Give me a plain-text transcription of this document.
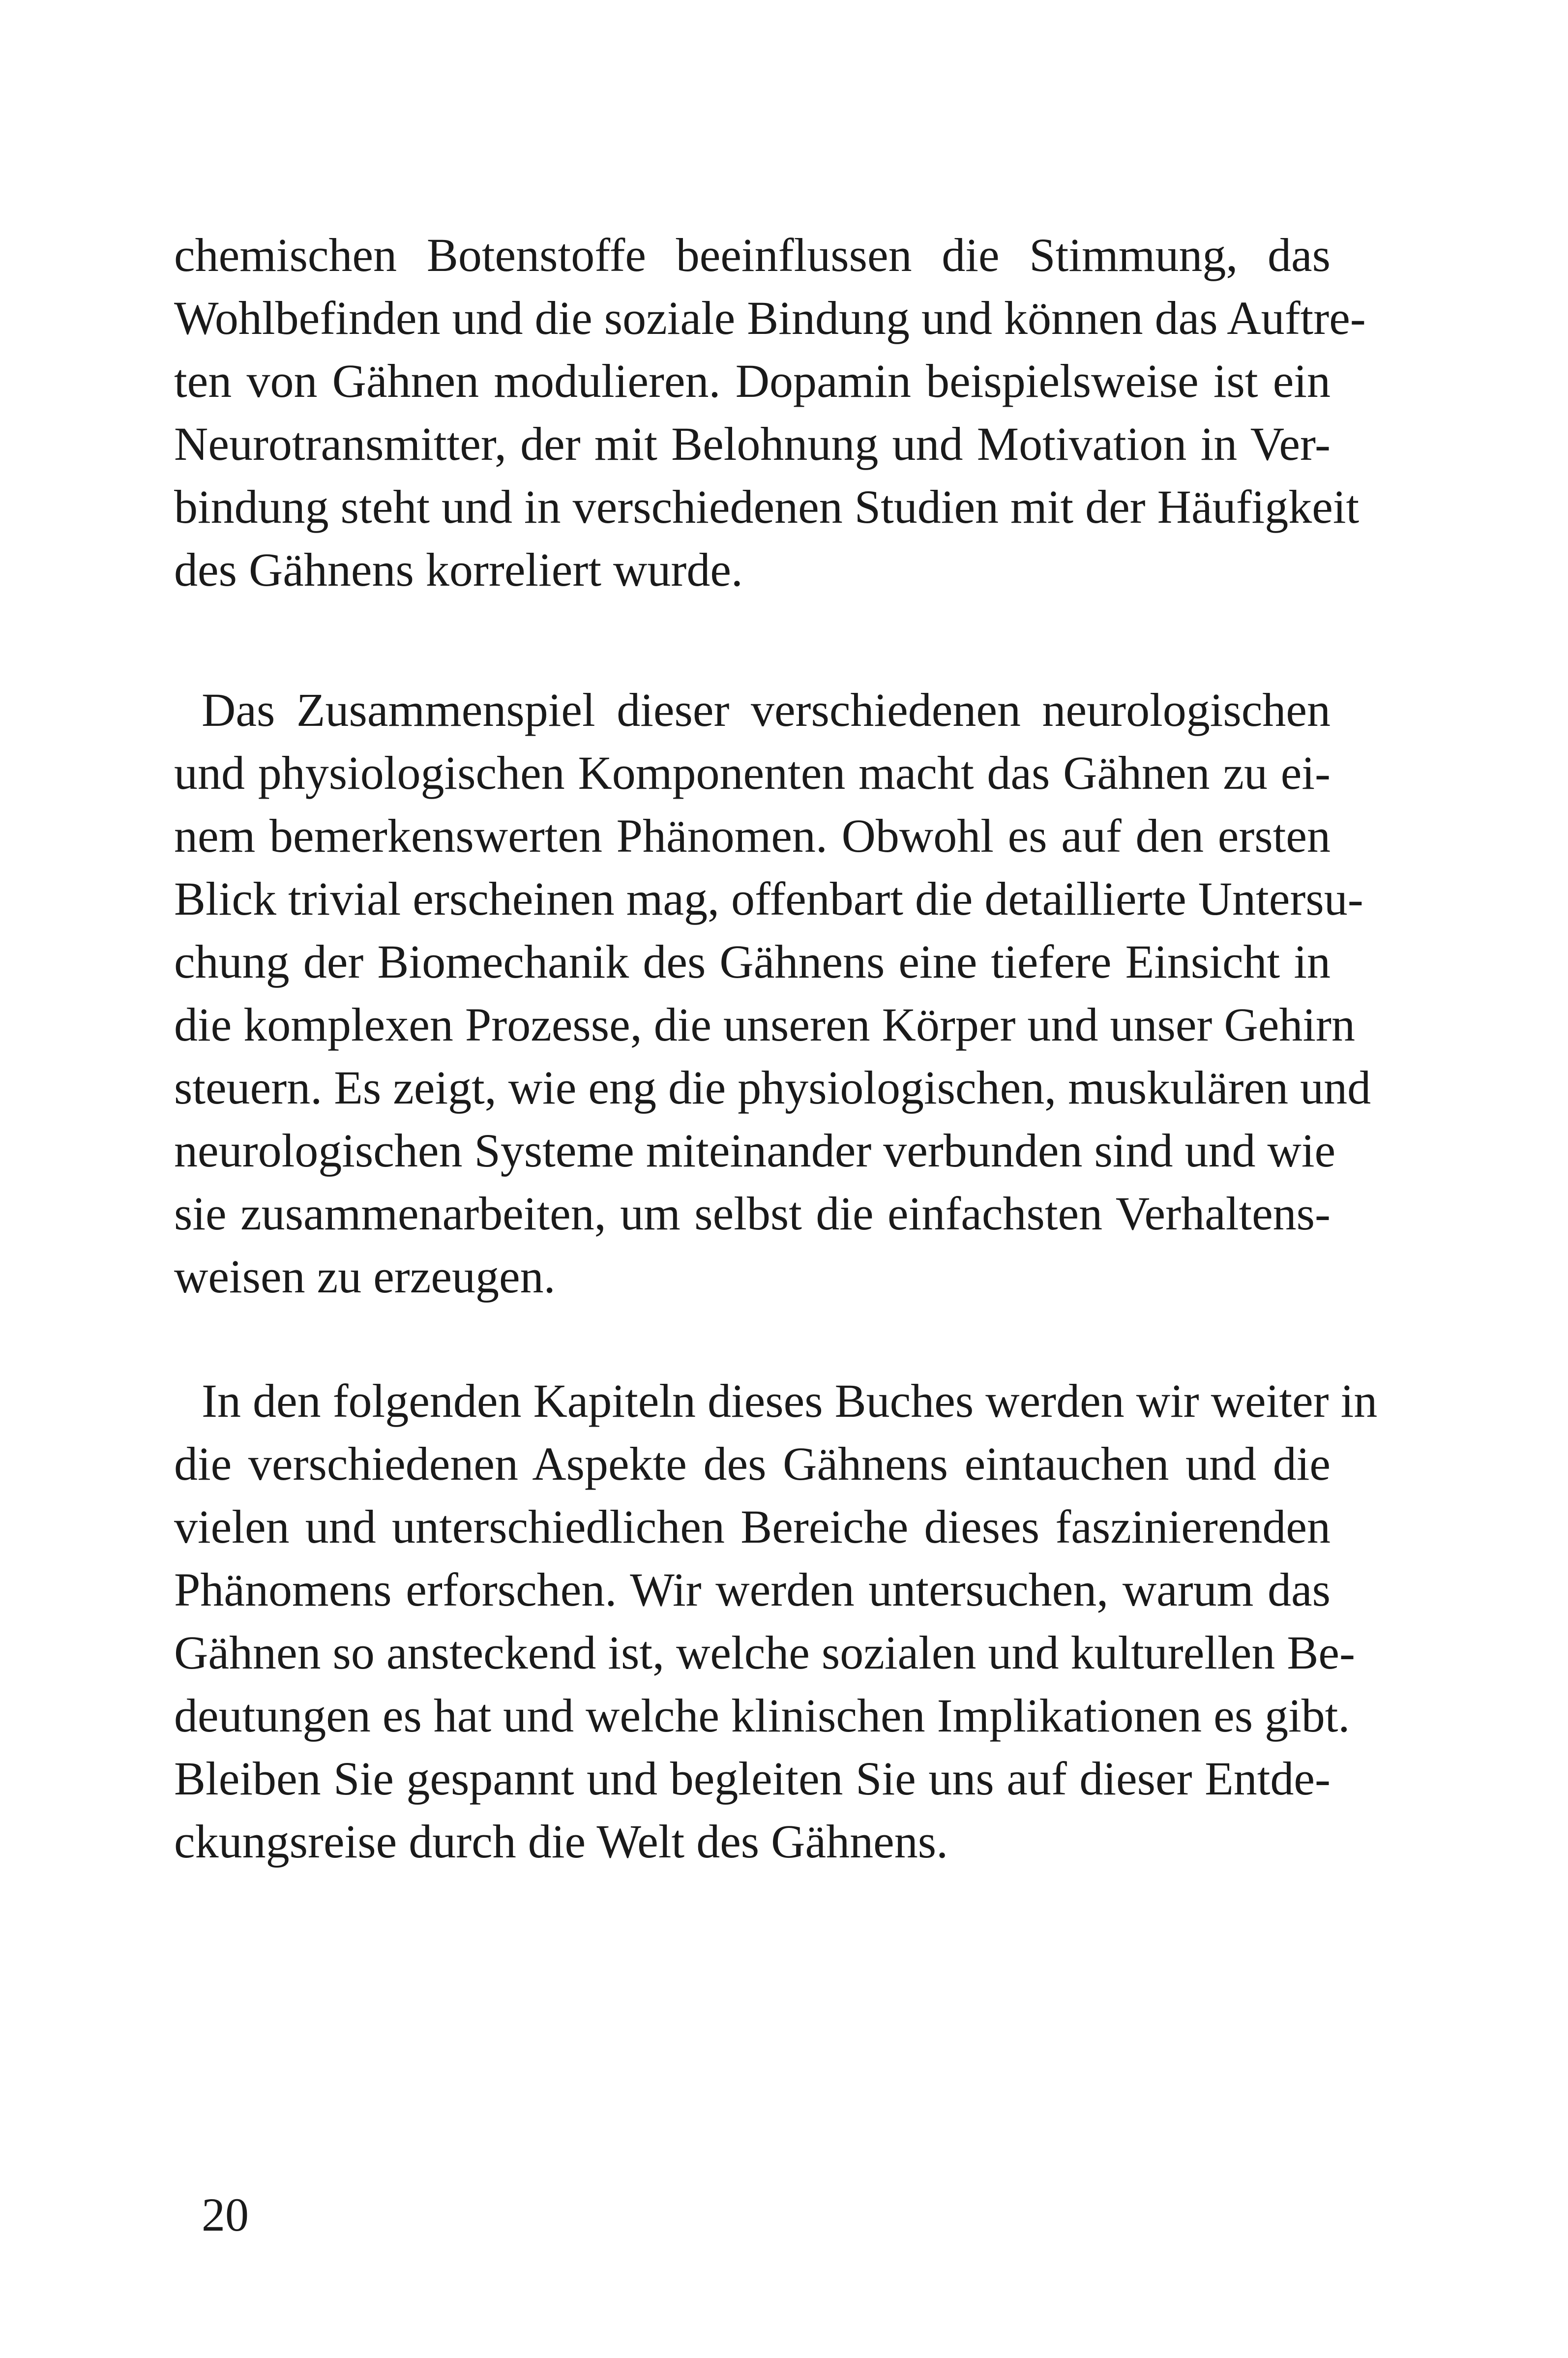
chemischen Botenstoffe beeinflussen die Stimmung, das
Wohlbefinden und die soziale Bindung und können das Auftre-
ten von Gähnen modulieren. Dopamin beispielsweise ist ein
Neurotransmitter, der mit Belohnung und Motivation in Ver-
bindung steht und in verschiedenen Studien mit der Häufigkeit
des Gähnens korreliert wurde.
Das Zusammenspiel dieser verschiedenen neurologischen
und physiologischen Komponenten macht das Gähnen zu ei-
nem bemerkenswerten Phänomen. Obwohl es auf den ersten
Blick trivial erscheinen mag, offenbart die detaillierte Untersu-
chung der Biomechanik des Gähnens eine tiefere Einsicht in
die komplexen Prozesse, die unseren Körper und unser Gehirn
steuern. Es zeigt, wie eng die physiologischen, muskulären und
neurologischen Systeme miteinander verbunden sind und wie
sie zusammenarbeiten, um selbst die einfachsten Verhaltens-
weisen zu erzeugen.
In den folgenden Kapiteln dieses Buches werden wir weiter in
die verschiedenen Aspekte des Gähnens eintauchen und die
vielen und unterschiedlichen Bereiche dieses faszinierenden
Phänomens erforschen. Wir werden untersuchen, warum das
Gähnen so ansteckend ist, welche sozialen und kulturellen Be-
deutungen es hat und welche klinischen Implikationen es gibt.
Bleiben Sie gespannt und begleiten Sie uns auf dieser Entde-
ckungsreise durch die Welt des Gähnens.
20
